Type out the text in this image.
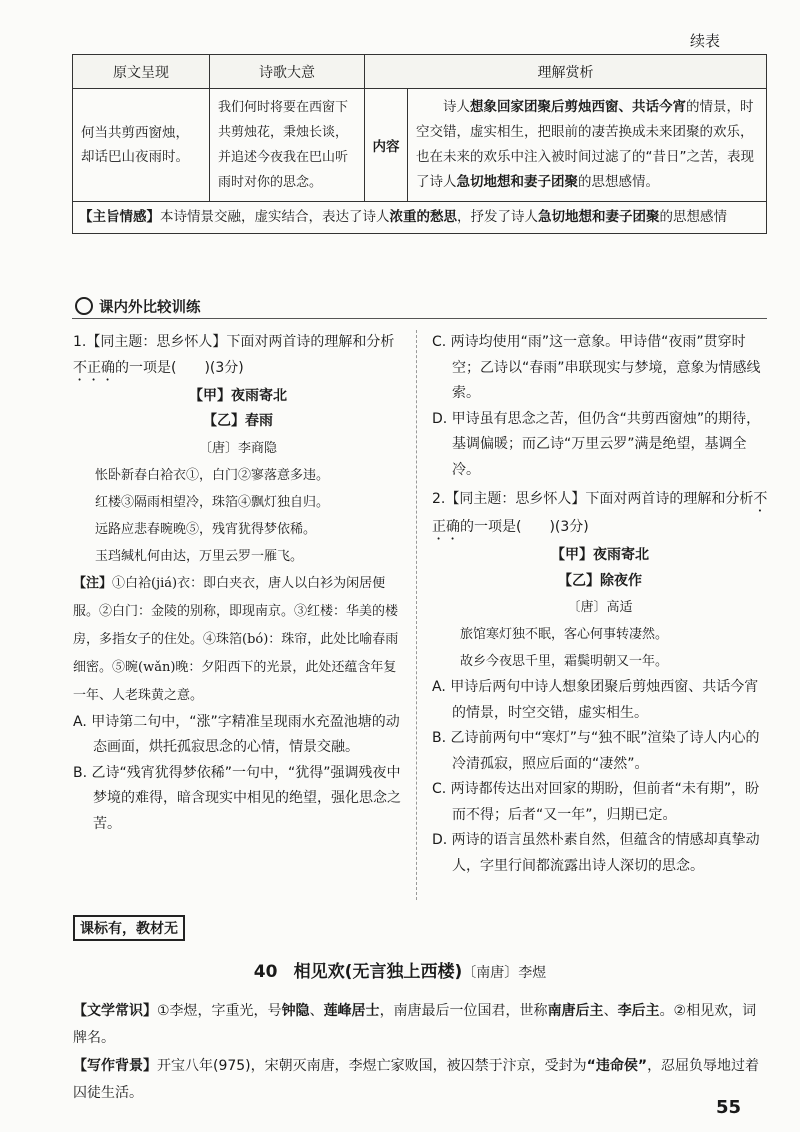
续表
原文呈现	诗歌大意	理解赏析	

何当共剪西窗烛，
却话巴山夜雨时。	我们何时将要在西窗下共剪烛花，秉烛长谈，并追述今夜我在巴山听雨时对你的思念。	内容	  诗人想象回家团聚后剪烛西窗、共话今宵的情景，时空交错，虚实相生，把眼前的凄苦换成未来团聚的欢乐，也在未来的欢乐中注入被时间过滤了的“昔日”之苦，表现了诗人急切地想和妻子团聚的思想感情。
【主旨情感】本诗情景交融，虚实结合，表达了诗人浓重的愁思，抒发了诗人急切地想和妻子团聚的思想感情			
课内外比较训练

1.【同主题：思乡怀人】下面对两首诗的理解和分析不正确的一项是(　　)(3分)

【甲】夜雨寄北

【乙】春雨

〔唐〕李商隐

怅卧新春白袷衣①，白门②寥落意多违。

红楼③隔雨相望冷，珠箔④飘灯独自归。

远路应悲春晼晚⑤，残宵犹得梦依稀。

玉珰缄札何由达，万里云罗一雁飞。

【注】①白袷(jiá)衣：即白夹衣，唐人以白衫为闲居便服。②白门：金陵的别称，即现南京。③红楼：华美的楼房，多指女子的住处。④珠箔(bó)：珠帘，此处比喻春雨细密。⑤晼(wǎn)晚：夕阳西下的光景，此处还蕴含年复一年、人老珠黄之意。

A. 甲诗第二句中，“涨”字精准呈现雨水充盈池塘的动态画面，烘托孤寂思念的心情，情景交融。

B. 乙诗“残宵犹得梦依稀”一句中，“犹得”强调残夜中梦境的难得，暗含现实中相见的绝望，强化思念之苦。

C. 两诗均使用“雨”这一意象。甲诗借“夜雨”贯穿时空；乙诗以“春雨”串联现实与梦境，意象为情感线索。

D. 甲诗虽有思念之苦，但仍含“共剪西窗烛”的期待，基调偏暖；而乙诗“万里云罗”满是绝望，基调全冷。

2.【同主题：思乡怀人】下面对两首诗的理解和分析不正确的一项是(　　)(3分)

【甲】夜雨寄北

【乙】除夜作

〔唐〕高适

旅馆寒灯独不眠，客心何事转凄然。

故乡今夜思千里，霜鬓明朝又一年。

A. 甲诗后两句中诗人想象团聚后剪烛西窗、共话今宵的情景，时空交错，虚实相生。

B. 乙诗前两句中“寒灯”与“独不眠”渲染了诗人内心的冷清孤寂，照应后面的“凄然”。

C. 两诗都传达出对回家的期盼，但前者“未有期”，盼而不得；后者“又一年”，归期已定。

D. 两诗的语言虽然朴素自然，但蕴含的情感却真挚动人，字里行间都流露出诗人深切的思念。

课标有，教材无
40 相见欢(无言独上西楼)〔南唐〕李煜
【文学常识】①李煜，字重光，号钟隐、莲峰居士，南唐最后一位国君，世称南唐后主、李后主。②相见欢，词牌名。
【写作背景】开宝八年(975)，宋朝灭南唐，李煜亡家败国，被囚禁于汴京，受封为“违命侯”，忍屈负辱地过着囚徒生活。
55
